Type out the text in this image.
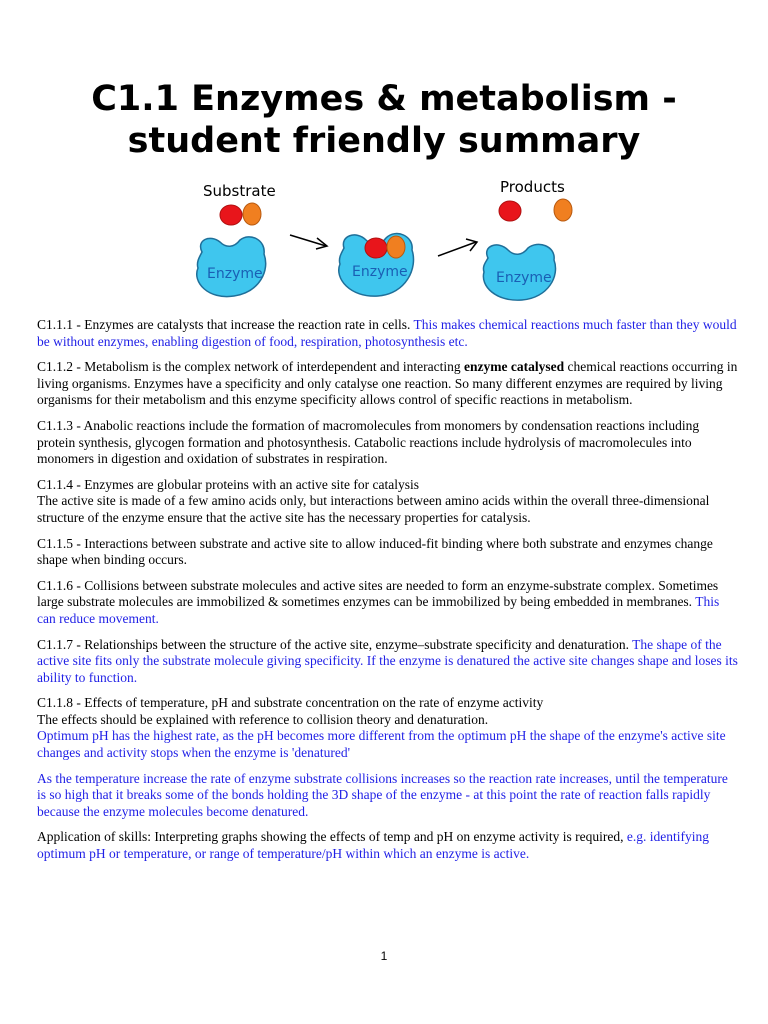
C1.1 Enzymes & metabolism -
student friendly summary
Substrate	Products
Enzyme	Enzyme	Enzyme

C1.1.1 - Enzymes are catalysts that increase the reaction rate in cells. This makes chemical reactions much faster than they would be without enzymes, enabling digestion of food, respiration, photosynthesis etc.

C1.1.2 - Metabolism is the complex network of interdependent and interacting enzyme catalysed chemical reactions occurring in living organisms. Enzymes have a specificity and only catalyse one reaction. So many different enzymes are required by living organisms for their metabolism and this enzyme specificity allows control of specific reactions in metabolism.

C1.1.3 - Anabolic reactions include the formation of macromolecules from monomers by condensation reactions including protein synthesis, glycogen formation and photosynthesis. Catabolic reactions include hydrolysis of macromolecules into monomers in digestion and oxidation of substrates in respiration.

C1.1.4 - Enzymes are globular proteins with an active site for catalysis
The active site is made of a few amino acids only, but interactions between amino acids within the overall three-dimensional structure of the enzyme ensure that the active site has the necessary properties for catalysis.

C1.1.5 - Interactions between substrate and active site to allow induced-fit binding where both substrate and enzymes change shape when binding occurs.

C1.1.6 - Collisions between substrate molecules and active sites are needed to form an enzyme-substrate complex. Sometimes large substrate molecules are immobilized & sometimes enzymes can be immobilized by being embedded in membranes. This can reduce movement.

C1.1.7 - Relationships between the structure of the active site, enzyme–substrate specificity and denaturation. The shape of the active site fits only the substrate molecule giving specificity. If the enzyme is denatured the active site changes shape and loses its ability to function.

C1.1.8 - Effects of temperature, pH and substrate concentration on the rate of enzyme activity
The effects should be explained with reference to collision theory and denaturation.
Optimum pH has the highest rate, as the pH becomes more different from the optimum pH the shape of the enzyme's active site changes and activity stops when the enzyme is 'denatured'

As the temperature increase the rate of enzyme substrate collisions increases so the reaction rate increases, until the temperature is so high that it breaks some of the bonds holding the 3D shape of the enzyme - at this point the rate of reaction falls rapidly because the enzyme molecules become denatured.

Application of skills: Interpreting graphs showing the effects of temp and pH on enzyme activity is required, e.g. identifying optimum pH or temperature, or range of temperature/pH within which an enzyme is active.

1
